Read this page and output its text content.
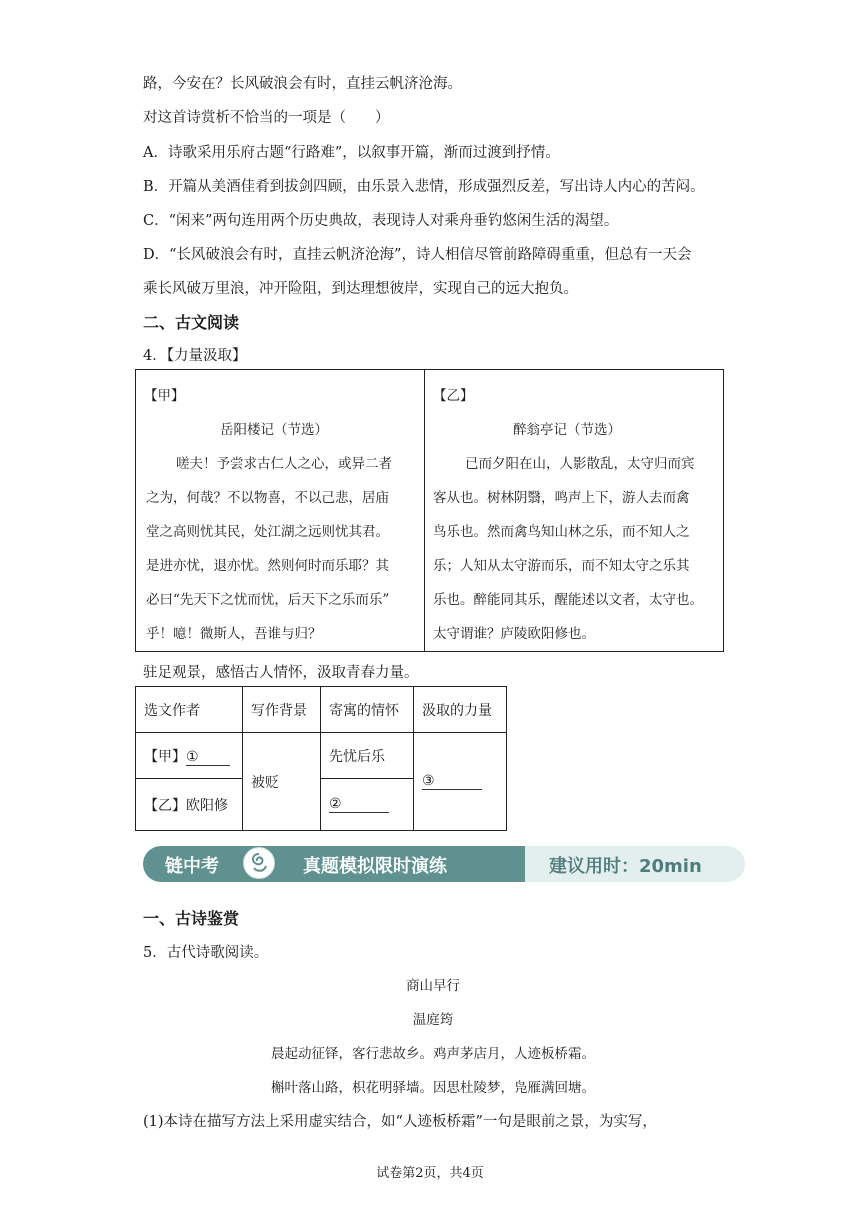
路，今安在？长风破浪会有时，直挂云帆济沧海。
对这首诗赏析不恰当的一项是（　　）
A．诗歌采用乐府古题“行路难”，以叙事开篇，渐而过渡到抒情。
B．开篇从美酒佳肴到拔剑四顾，由乐景入悲情，形成强烈反差，写出诗人内心的苦闷。
C．“闲来”两句连用两个历史典故，表现诗人对乘舟垂钓悠闲生活的渴望。
D．“长风破浪会有时，直挂云帆济沧海”，诗人相信尽管前路障碍重重，但总有一天会
乘长风破万里浪，冲开险阻，到达理想彼岸，实现自己的远大抱负。
二、古文阅读
4．【力量汲取】
【甲】
岳阳楼记（节选）
嗟夫！予尝求古仁人之心，或异二者
之为，何哉？不以物喜，不以己悲，居庙
堂之高则忧其民，处江湖之远则忧其君。
是进亦忧，退亦忧。然则何时而乐耶？其
必曰“先天下之忧而忧，后天下之乐而乐”
乎！噫！微斯人，吾谁与归？
【乙】
醉翁亭记（节选）
已而夕阳在山，人影散乱，太守归而宾
客从也。树林阴翳，鸣声上下，游人去而禽
鸟乐也。然而禽鸟知山林之乐，而不知人之
乐；人知从太守游而乐，而不知太守之乐其
乐也。醉能同其乐，醒能述以文者，太守也。
太守谓谁？庐陵欧阳修也。
驻足观景，感悟古人情怀，汲取青春力量。
选文作者	写作背景	寄寓的情怀	汲取的力量
【甲】①	被贬	先忧后乐	③
【乙】欧阳修		②	
链中考	真题模拟限时演练	建议用时：20min
一、古诗鉴赏
5．古代诗歌阅读。
商山早行
温庭筠
晨起动征铎，客行悲故乡。鸡声茅店月，人迹板桥霜。
槲叶落山路，枳花明驿墙。因思杜陵梦，凫雁满回塘。
(1)本诗在描写方法上采用虚实结合，如“人迹板桥霜”一句是眼前之景，为实写，
试卷第2页，共4页
